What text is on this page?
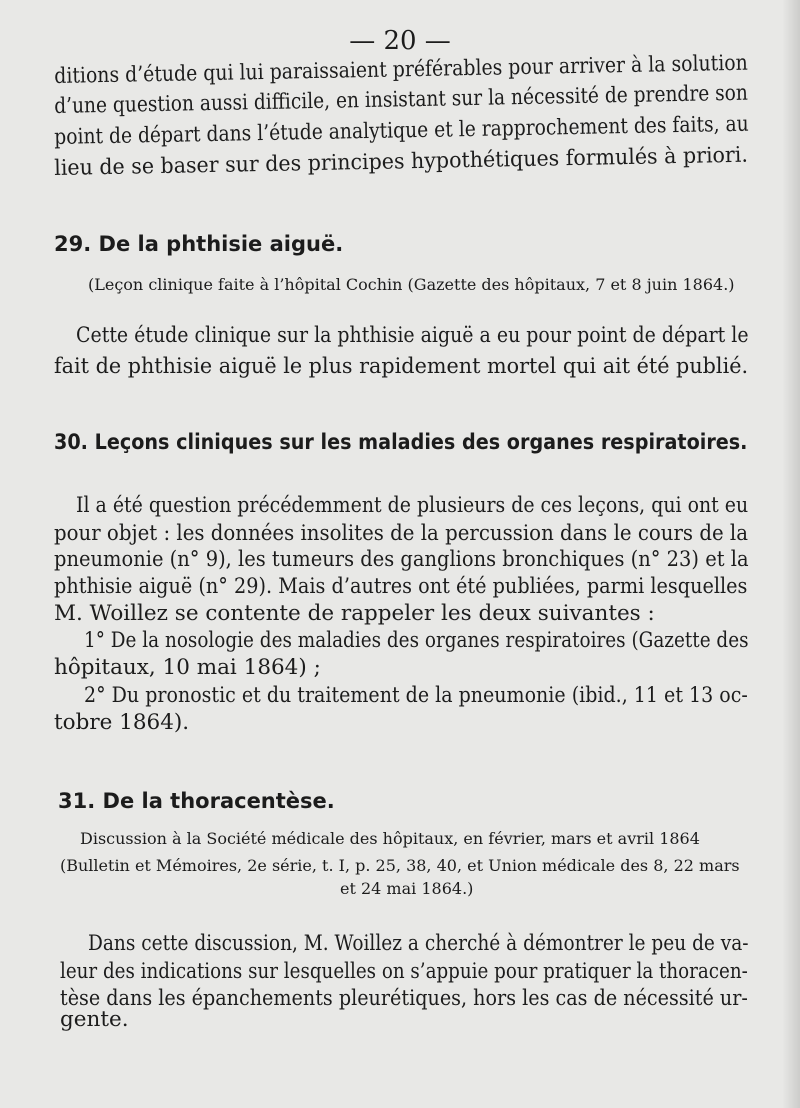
— 20 —
ditions d’étude qui lui paraissaient préférables pour arriver à la solution
d’une question aussi difficile, en insistant sur la nécessité de prendre son
point de départ dans l’étude analytique et le rapprochement des faits, au
lieu de se baser sur des principes hypothétiques formulés à priori.
29. De la phthisie aiguë.
(Leçon clinique faite à l’hôpital Cochin (Gazette des hôpitaux, 7 et 8 juin 1864.)
Cette étude clinique sur la phthisie aiguë a eu pour point de départ le
fait de phthisie aiguë le plus rapidement mortel qui ait été publié.
30. Leçons cliniques sur les maladies des organes respiratoires.
Il a été question précédemment de plusieurs de ces leçons, qui ont eu
pour objet : les données insolites de la percussion dans le cours de la
pneumonie (n° 9), les tumeurs des ganglions bronchiques (n° 23) et la
phthisie aiguë (n° 29). Mais d’autres ont été publiées, parmi lesquelles
M. Woillez se contente de rappeler les deux suivantes :
1° De la nosologie des maladies des organes respiratoires (Gazette des
hôpitaux, 10 mai 1864) ;
2° Du pronostic et du traitement de la pneumonie (ibid., 11 et 13 oc-
tobre 1864).
31. De la thoracentèse.
Discussion à la Société médicale des hôpitaux, en février, mars et avril 1864
(Bulletin et Mémoires, 2e série, t. I, p. 25, 38, 40, et Union médicale des 8, 22 mars
et 24 mai 1864.)
Dans cette discussion, M. Woillez a cherché à démontrer le peu de va-
leur des indications sur lesquelles on s’appuie pour pratiquer la thoracen-
tèse dans les épanchements pleurétiques, hors les cas de nécessité ur-
gente.
